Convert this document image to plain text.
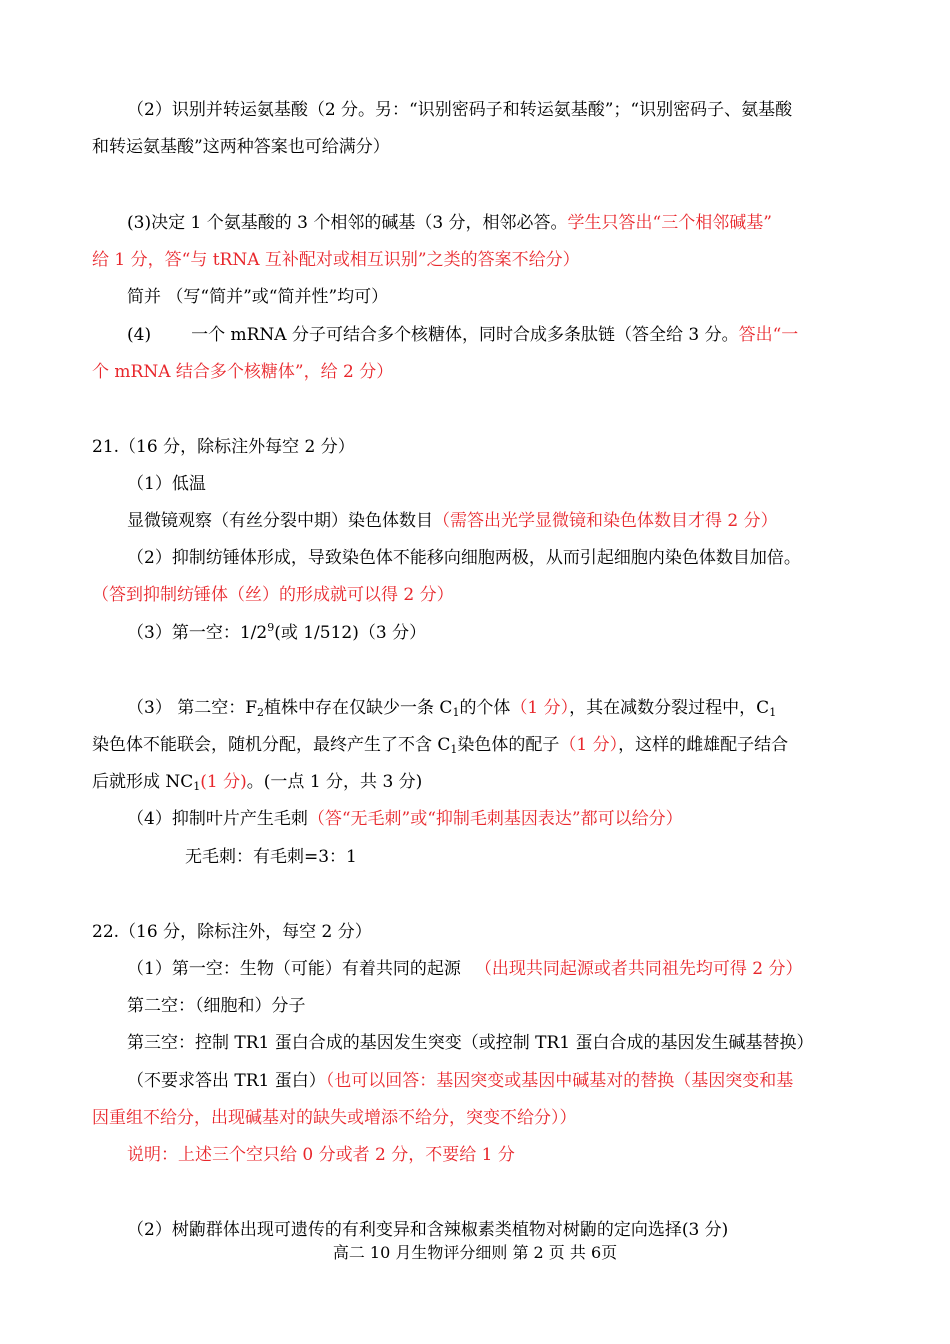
（2）识别并转运氨基酸（2 分。另：“识别密码子和转运氨基酸”；“识别密码子、氨基酸
和转运氨基酸”这两种答案也可给满分）
(3)决定 1 个氨基酸的 3 个相邻的碱基（3 分，相邻必答。学生只答出“三个相邻碱基”
给 1 分，答“与 tRNA 互补配对或相互识别”之类的答案不给分）
简并 （写“简并”或“简并性”均可）
(4) 一个 mRNA 分子可结合多个核糖体，同时合成多条肽链（答全给 3 分。答出“一
个 mRNA 结合多个核糖体”，给 2 分）
21.（16 分，除标注外每空 2 分）
（1）低温
显微镜观察（有丝分裂中期）染色体数目（需答出光学显微镜和染色体数目才得 2 分）
（2）抑制纺锤体形成，导致染色体不能移向细胞两极，从而引起细胞内染色体数目加倍。
（答到抑制纺锤体（丝）的形成就可以得 2 分）
（3）第一空：$1/2^9$(或 1/512)（3 分）
（3） 第二空：$F_2$植株中存在仅缺少一条 $C_1$的个体（1 分），其在减数分裂过程中，$C_1$
染色体不能联会，随机分配，最终产生了不含 $C_1$染色体的配子（1 分），这样的雌雄配子结合
后就形成 $NC_1(1$ 分)。(一点 1 分，共 3 分)
（4）抑制叶片产生毛刺（答“无毛刺”或“抑制毛刺基因表达”都可以给分）
无毛刺：有毛刺=3：1
22.（16 分，除标注外，每空 2 分）
（1）第一空：生物（可能）有着共同的起源 （出现共同起源或者共同祖先均可得 2 分）
第二空：（细胞和）分子
第三空：控制 TR1 蛋白合成的基因发生突变（或控制 TR1 蛋白合成的基因发生碱基替换）
（不要求答出 TR1 蛋白）（也可以回答：基因突变或基因中碱基对的替换（基因突变和基
因重组不给分，出现碱基对的缺失或增添不给分，突变不给分））
说明：上述三个空只给 0 分或者 2 分，不要给 1 分
（2）树鼩群体出现可遗传的有利变异和含辣椒素类植物对树鼩的定向选择(3 分)
高二 10 月生物评分细则 第 2 页 共 6页
